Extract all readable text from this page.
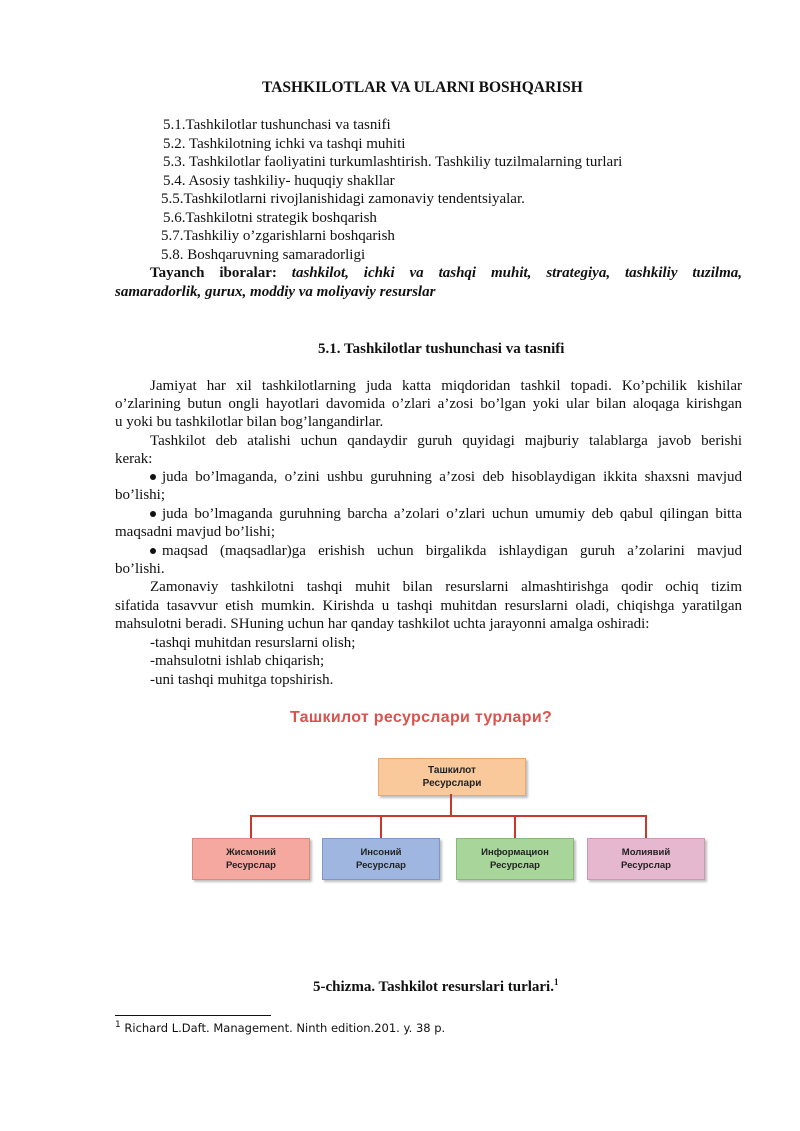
TASHKILOTLAR VA ULARNI BOSHQARISH
5.1.Tashkilotlar tushunchasi va tasnifi
5.2. Tashkilotning ichki va tashqi muhiti
5.3. Tashkilotlar faoliyatini turkumlashtirish. Tashkiliy tuzilmalarning turlari
5.4. Asosiy tashkiliy- huquqiy shakllar
5.5.Tashkilotlarni rivojlanishidagi zamonaviy tendentsiyalar.
5.6.Tashkilotni strategik boshqarish
5.7.Tashkiliy o’zgarishlarni boshqarish
5.8. Boshqaruvning samaradorligi
Tayanch iboralar: tashkilot, ichki va tashqi muhit, strategiya, tashkiliy tuzilma,
samaradorlik, gurux, moddiy va moliyaviy resurslar
5.1. Tashkilotlar tushunchasi va tasnifi
Jamiyat har xil tashkilotlarning juda katta miqdoridan tashkil topadi. Ko’pchilik kishilar
o’zlarining butun ongli hayotlari davomida o’zlari a’zosi bo’lgan yoki ular bilan aloqaga kirishgan
u yoki bu tashkilotlar bilan bog’langandirlar.
Tashkilot deb atalishi uchun qandaydir guruh quyidagi majburiy talablarga javob berishi
kerak:
juda bo’lmaganda, o’zini ushbu guruhning a’zosi deb hisoblaydigan ikkita shaxsni mavjud
bo’lishi;
juda bo’lmaganda guruhning barcha a’zolari o’zlari uchun umumiy deb qabul qilingan bitta
maqsadni mavjud bo’lishi;
maqsad (maqsadlar)ga erishish uchun birgalikda ishlaydigan guruh a’zolarini mavjud
bo’lishi.
Zamonaviy tashkilotni tashqi muhit bilan resurslarni almashtirishga qodir ochiq tizim
sifatida tasavvur etish mumkin. Kirishda u tashqi muhitdan resurslarni oladi, chiqishga yaratilgan
mahsulotni beradi. SHuning uchun har qanday tashkilot uchta jarayonni amalga oshiradi:
-tashqi muhitdan resurslarni olish;
-mahsulotni ishlab chiqarish;
-uni tashqi muhitga topshirish.
Ташкилот ресурслари турлари?
Ташкилот
Ресурслари
Жисмоний
Ресурслар
Инсоний
Ресурслар
Информацион
Ресурслар
Молиявий
Ресурслар
5-chizma. Tashkilot resurslari turlari.$^1$
$^1$ Richard L.Daft. Management. Ninth edition.201. y. 38 p.
